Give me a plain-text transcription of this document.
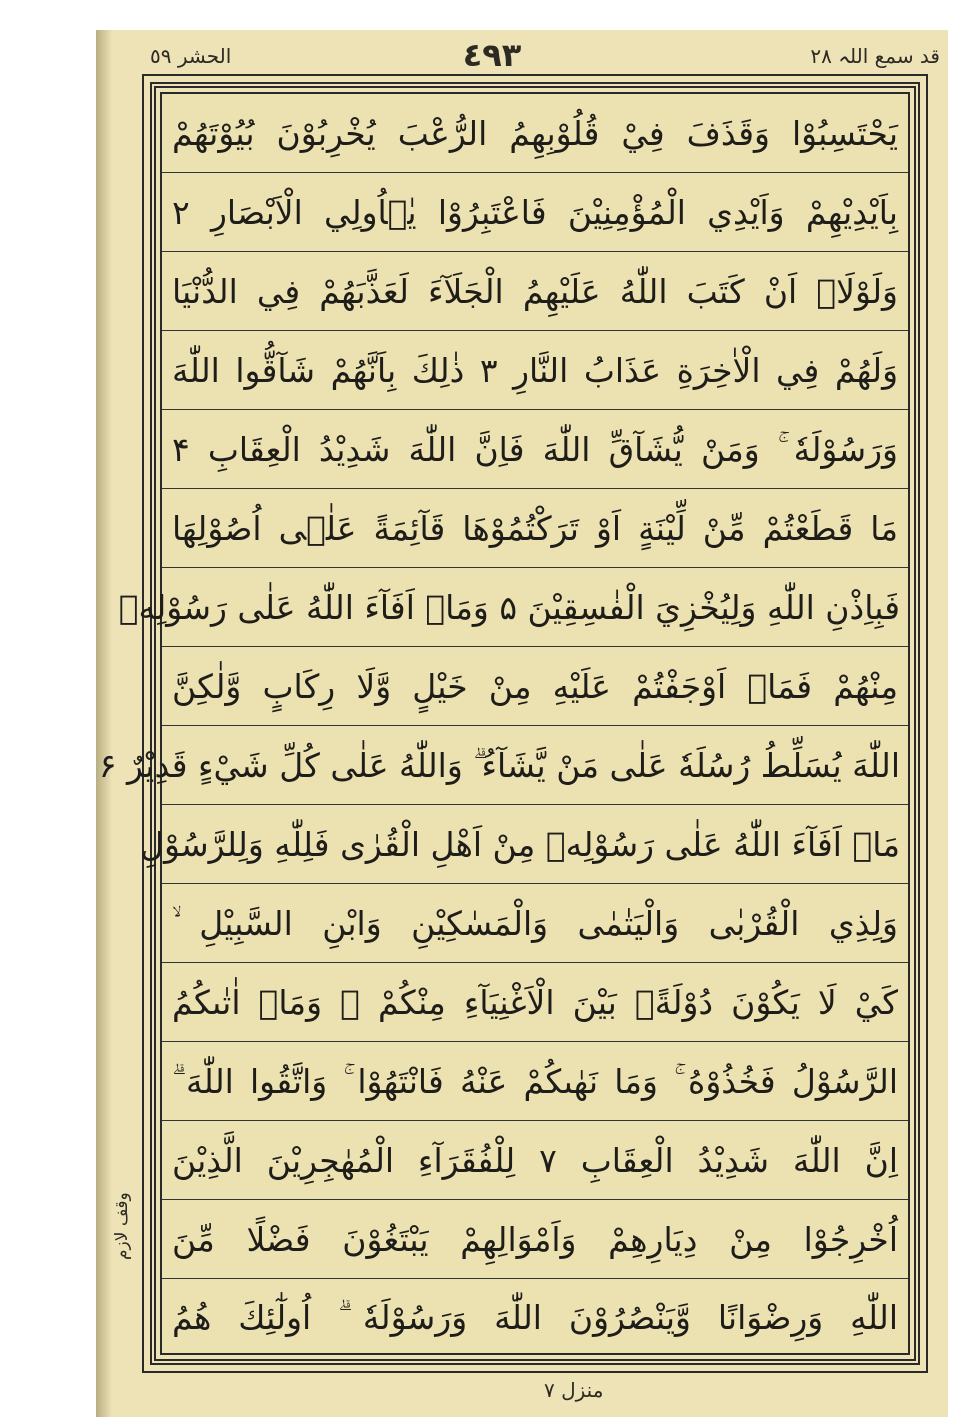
قد سمع اللہ ۲۸
٤٩٣
الحشر ٥٩
يَحْتَسِبُوْا وَقَذَفَ فِيْ قُلُوْبِهِمُ الرُّعْبَ يُخْرِبُوْنَ بُيُوْتَهُمْ
بِاَيْدِيْهِمْ وَاَيْدِي الْمُؤْمِنِيْنَ فَاعْتَبِرُوْا يٰۤاُولِي الْاَبْصَارِ ۲
وَلَوْلَاۤ اَنْ كَتَبَ اللّٰهُ عَلَيْهِمُ الْجَلَآءَ لَعَذَّبَهُمْ فِي الدُّنْيَا
وَلَهُمْ فِي الْاٰخِرَةِ عَذَابُ النَّارِ ۳ ذٰلِكَ بِاَنَّهُمْ شَآقُّوا اللّٰهَ
وَرَسُوْلَهٗ ۚ وَمَنْ يُّشَآقِّ اللّٰهَ فَاِنَّ اللّٰهَ شَدِيْدُ الْعِقَابِ ۴
مَا قَطَعْتُمْ مِّنْ لِّيْنَةٍ اَوْ تَرَكْتُمُوْهَا قَآئِمَةً عَلٰۤى اُصُوْلِهَا
فَبِاِذْنِ اللّٰهِ وَلِيُخْزِيَ الْفٰسِقِيْنَ ۵ وَمَاۤ اَفَآءَ اللّٰهُ عَلٰى رَسُوْلِهٖ
مِنْهُمْ فَمَاۤ اَوْجَفْتُمْ عَلَيْهِ مِنْ خَيْلٍ وَّلَا رِكَابٍ وَّلٰكِنَّ
اللّٰهَ يُسَلِّطُ رُسُلَهٗ عَلٰى مَنْ يَّشَآءُ ۗ وَاللّٰهُ عَلٰى كُلِّ شَيْءٍ قَدِيْرٌ ۶
مَاۤ اَفَآءَ اللّٰهُ عَلٰى رَسُوْلِهٖ مِنْ اَهْلِ الْقُرٰى فَلِلّٰهِ وَلِلرَّسُوْلِ
وَلِذِي الْقُرْبٰى وَالْيَتٰمٰى وَالْمَسٰكِيْنِ وَابْنِ السَّبِيْلِ ۙ
كَيْ لَا يَكُوْنَ دُوْلَةًۢ بَيْنَ الْاَغْنِيَآءِ مِنْكُمْ ۗ وَمَاۤ اٰتٰىكُمُ
الرَّسُوْلُ فَخُذُوْهُ ۚ وَمَا نَهٰىكُمْ عَنْهُ فَانْتَهُوْا ۚ وَاتَّقُوا اللّٰهَ ۗ
اِنَّ اللّٰهَ شَدِيْدُ الْعِقَابِ ۷ لِلْفُقَرَآءِ الْمُهٰجِرِيْنَ الَّذِيْنَ
اُخْرِجُوْا مِنْ دِيَارِهِمْ وَاَمْوَالِهِمْ يَبْتَغُوْنَ فَضْلًا مِّنَ
اللّٰهِ وَرِضْوَانًا وَّيَنْصُرُوْنَ اللّٰهَ وَرَسُوْلَهٗ ۗ اُولٰٓئِكَ هُمُ
وقف لازم
منزل ۷
